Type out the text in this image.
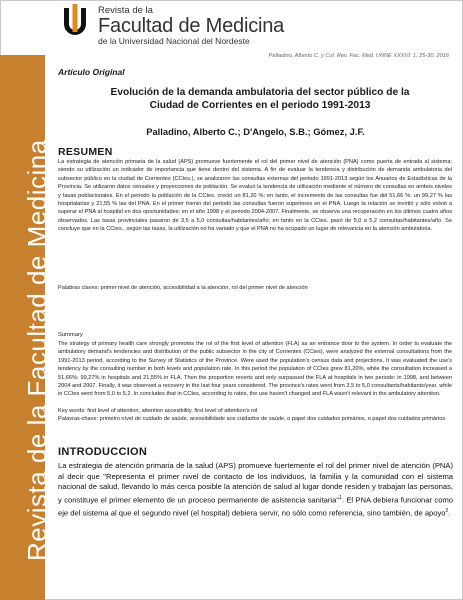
Revista de la Facultad de Medicina
Revista de la
Facultad de Medicina
de la Universidad Nacional del Nordeste
Palladino, Alberto C. y Col. Rev. Fac. Med. UNNE XXXVI: 1, 25-30, 2016
Artículo Original
Evolución de la demanda ambulatoria del sector público de la Ciudad de Corrientes en el periodo 1991-2013
Palladino, Alberto C.; D'Angelo, S.B.; Gómez, J.F.
RESUMEN
La estrategia de atención primaria de la salud (APS) promueve fuertemente el rol del primer nivel de atención (PNA) como puerta de entrada al sistema; siendo su utilización un indicador de importancia que tiene dentro del sistema. A fin de evaluar la tendencia y distribución de demanda ambulatoria del subsector público en la ciudad de Corrientes (CCtes.), se analizaron las consultas externas del periodo 1991-2013 según los Anuarios de Estadísticas de la Provincia. Se utilizaron datos censales y proyecciones de población. Se evaluó la tendencia de utilización mediante el número de consultas en ambos niveles y tasas poblacionales. En el periodo la población de la CCtes. creció un 81,20 %; en tanto, el incremento de las consultas fue del 51,66 %: un 99,27 % las hospitalarias y 21,55 % las del PNA. En el primer trienio del periodo las consultas fueron superiores en el PNA. Luego la relación se invirtió y sólo volvió a superar el PNA al hospital en dos oportunidades: en el año 1998 y el periodo 2004-2007. Finalmente, se observa una recuperación en los últimos cuatro años observados. Las tasas provinciales pasaron de 3,5 a 5,0 consultas/habitantes/año; en tanto en la CCtes. pasó de 5,0 a 5,2 consultas/habitantes/año. Se concluye que en la CCtes., según las tasas, la utilización no ha variado y que el PNA no ha ocupado un lugar de relevancia en la atención ambulatoria.
Palabras claves: primer nivel de atención, accesibilidad a la atención, rol del primer nivel de atención
Summary
The strategy of primary health care strongly promotes the rol of the first level of attention (FLA) as an entrance door to the system. In order to evaluate the ambulatory demand's tendencies and distribution of the public subsector in the city of Corrientes (CCtes), were analyzed the external consultations from the 1991-2013 period, according to the Survey of Statistics of the Province. Were used the population's census data and projections. It was evaluated the use's tendency by the consulting number in both levels and population rate. In this period the population of CCtes grew 81,20%, while the consultation increased a 51,66%: 99,27% in hospitals and 21,55% in FLA. Then the proportion reverts and only surpassed the FLA at hospitals in two periods: in 1998, and between 2004 and 2007. Finally, it was observed a recovery in the last four years considered. The province's rates went from 3,5 to 5,0 consultants/habitants/year, while in CCtes went from 5,0 to 5,2. In concludes that in CCtes, according to rates, the use haven't changed and FLA wasn't relevant in the ambulatory attention.
Key words: first level of attention, attention accesibility, first level of attention's rol
Palavras-chave: primeiro nível de cuidado de saúde, acessibilidade aos cuidados de saúde, o papel dos cuidados primários, o papel dos cuidados primários
INTRODUCCION
La estrategia de atención primaria de la salud (APS) promueve fuertemente el rol del primer nivel de atención (PNA) al decir que "Representa el primer nivel de contacto de los individuos, la familia y la comunidad con el sistema nacional de salud, llevando lo más cerca posible la atención de salud al lugar donde residen y trabajan las personas, y constituye el primer elemento de un proceso permanente de asistencia sanitaria"$^1$. El PNA debiera funcionar como eje del sistema al que el segundo nivel (el hospital) debiera servir, no sólo como referencia, sino también, de apoyo$^2$.
